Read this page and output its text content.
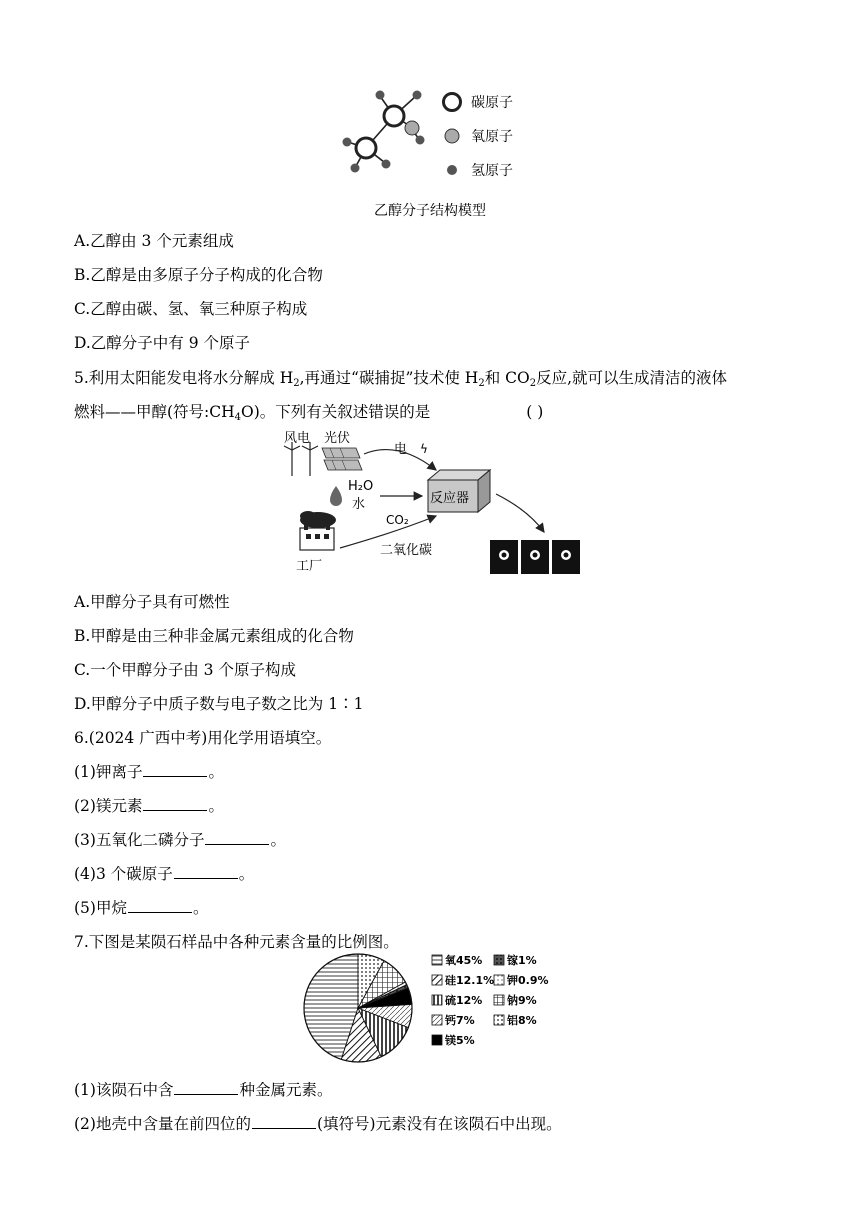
碳原子
氧原子
氢原子
乙醇分子结构模型
A.乙醇由 3 个元素组成
B.乙醇是由多原子分子构成的化合物
C.乙醇由碳、氢、氧三种原子构成
D.乙醇分子中有 9 个原子
5.利用太阳能发电将水分解成 $H_2$,再通过“碳捕捉”技术使 $H_2$和 $CO_2$反应,就可以生成清洁的液体
燃料——甲醇(符号$:CH_4O$)。下列有关叙述错误的是	( )
风电 光伏
电 ϟ
H₂O
水	反应器
CO₂
工厂
二氧化碳
A.甲醇分子具有可燃性
B.甲醇是由三种非金属元素组成的化合物
C.一个甲醇分子由 3 个原子构成
D.甲醇分子中质子数与电子数之比为 1∶1
6.(2024 广西中考)用化学用语填空。
(1)钾离子	。
(2)镁元素	。
(3)五氧化二磷分子	。
(4)3 个碳原子	。
(5)甲烷	。
7.下图是某陨石样品中各种元素含量的比例图。
氧45% 镓1%
硅12.1% 钾0.9%
硫12% 钠9%
钙7%	铝8%
镁5%
(1)该陨石中含	种金属元素。
(2)地壳中含量在前四位的	(填符号)元素没有在该陨石中出现。
